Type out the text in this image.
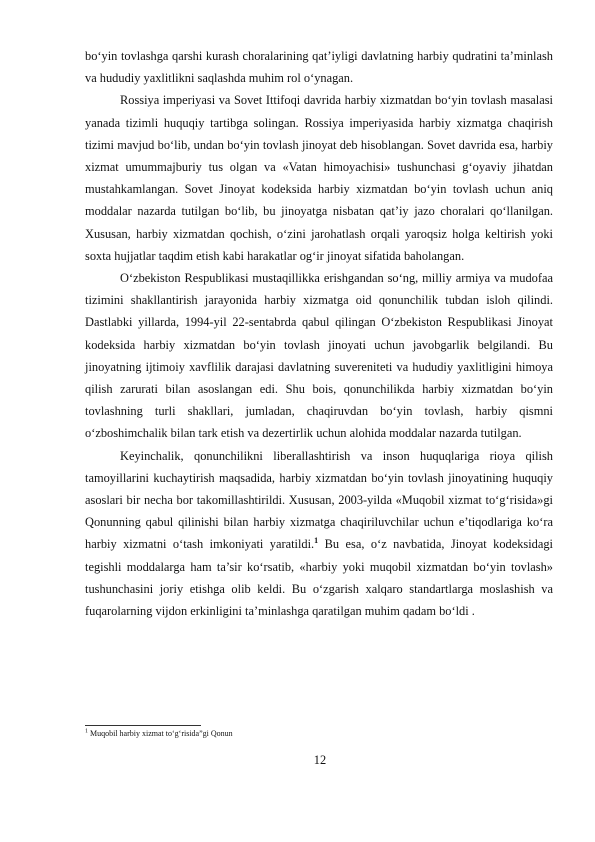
bo‘yin tovlashga qarshi kurash choralarining qat’iyligi davlatning harbiy qudratini ta’minlash va hududiy yaxlitlikni saqlashda muhim rol o‘ynagan.

Rossiya imperiyasi va Sovet Ittifoqi davrida harbiy xizmatdan bo‘yin tovlash masalasi yanada tizimli huquqiy tartibga solingan. Rossiya imperiyasida harbiy xizmatga chaqirish tizimi mavjud bo‘lib, undan bo‘yin tovlash jinoyat deb hisoblangan. Sovet davrida esa, harbiy xizmat umummajburiy tus olgan va «Vatan himoyachisi» tushunchasi g‘oyaviy jihatdan mustahkamlangan. Sovet Jinoyat kodeksida harbiy xizmatdan bo‘yin tovlash uchun aniq moddalar nazarda tutilgan bo‘lib, bu jinoyatga nisbatan qat’iy jazo choralari qo‘llanilgan. Xususan, harbiy xizmatdan qochish, o‘zini jarohatlash orqali yaroqsiz holga keltirish yoki soxta hujjatlar taqdim etish kabi harakatlar og‘ir jinoyat sifatida baholangan.

O‘zbekiston Respublikasi mustaqillikka erishgandan so‘ng, milliy armiya va mudofaa tizimini shakllantirish jarayonida harbiy xizmatga oid qonunchilik tubdan isloh qilindi. Dastlabki yillarda, 1994-yil 22-sentabrda qabul qilingan O‘zbekiston Respublikasi Jinoyat kodeksida harbiy xizmatdan bo‘yin tovlash jinoyati uchun javobgarlik belgilandi. Bu jinoyatning ijtimoiy xavflilik darajasi davlatning suvereniteti va hududiy yaxlitligini himoya qilish zarurati bilan asoslangan edi. Shu bois, qonunchilikda harbiy xizmatdan bo‘yin tovlashning turli shakllari, jumladan, chaqiruvdan bo‘yin tovlash, harbiy qismni o‘zboshimchalik bilan tark etish va dezertirlik uchun alohida moddalar nazarda tutilgan.

Keyinchalik, qonunchilikni liberallashtirish va inson huquqlariga rioya qilish tamoyillarini kuchaytirish maqsadida, harbiy xizmatdan bo‘yin tovlash jinoyatining huquqiy asoslari bir necha bor takomillashtirildi. Xususan, 2003-yilda «Muqobil xizmat to‘g‘risida»gi Qonunning qabul qilinishi bilan harbiy xizmatga chaqiriluvchilar uchun e’tiqodlariga ko‘ra harbiy xizmatni o‘tash imkoniyati yaratildi.$^1$ Bu esa, o‘z navbatida, Jinoyat kodeksidagi tegishli moddalarga ham ta’sir ko‘rsatib, «harbiy yoki muqobil xizmatdan bo‘yin tovlash» tushunchasini joriy etishga olib keldi. Bu o‘zgarish xalqaro standartlarga moslashish va fuqarolarning vijdon erkinligini ta’minlashga qaratilgan muhim qadam bo‘ldi .

$^1$ Muqobil harbiy xizmat to‘g‘risida”gi Qonun
12
